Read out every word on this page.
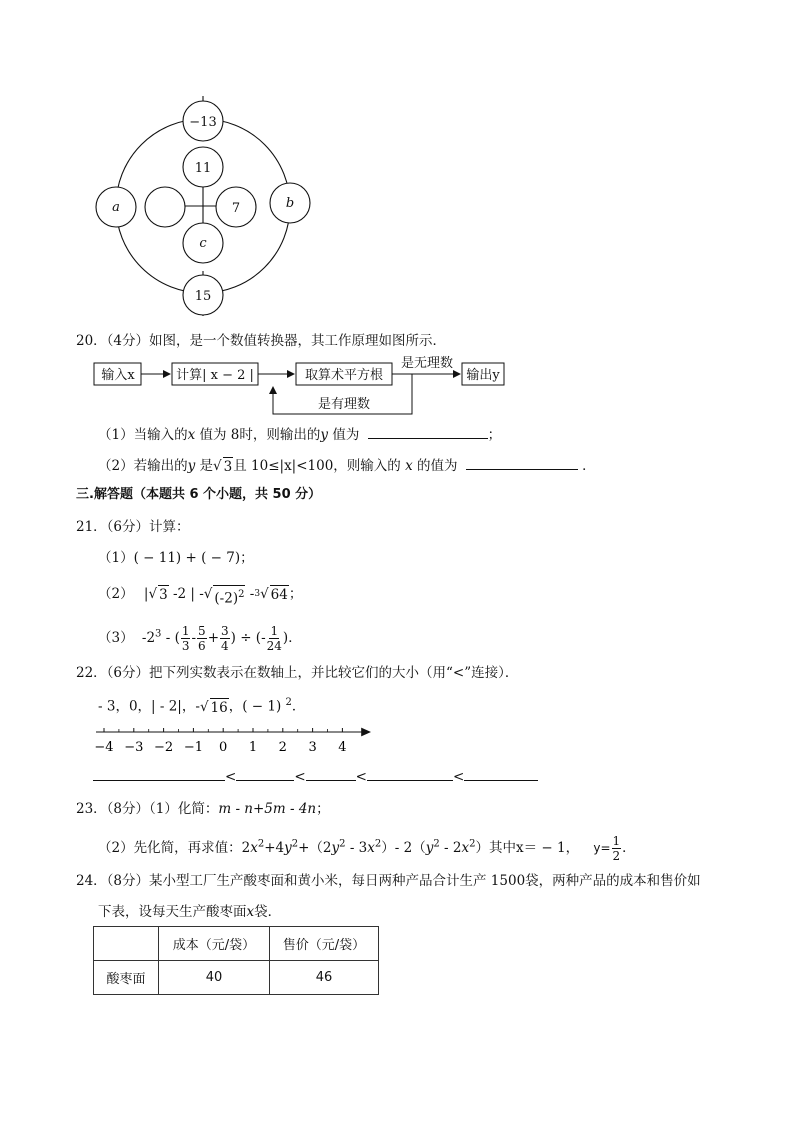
−13
11
a	7	b
c
15
20．（4分）如图，是一个数值转换器，其工作原理如图所示．
输入x	计算| x − 2 |	取算术平方根	输出y
是无理数
是有理数
（1）当输入的x 值为 8时，则输出的y 值为	；
（2）若输出的y 是 √ 3 且 10≤|x|<100，则输入的 x 的值为	．
三.解答题（本题共 6 个小题，共 50 分）
21．（6分）计算：
（1）( − 11) + ( − 7)；
（2） | √ 3 -2 | - √ $(-2)^2$ -$^3$ √ 64 ；
（3） $-2^3$ - ( $\frac{1}{3} - \frac{5}{6} + \frac{3}{4}$ ) ÷ (- $\frac{1}{24}$ )．
22．（6分）把下列实数表示在数轴上，并比较它们的大小（用“<”连接）．
- 3，0，| - 2|，- √ 16 ，( − 1) $^2$．
−4 −3 −2 −1 0 1 2 3 4
<	<	<	<
23．（8分）（1）化简：m - n+5m - 4n；
（2）先化简，再求值：$2x^2+4y^2+(2y^2 - 3x^2)-$ $2(y^2 - 2x^2)$其中x＝ − 1， $y= \frac{1}{2}$ ．
24．（8分）某小型工厂生产酸枣面和黄小米，每日两种产品合计生产 1500袋，两种产品的成本和售价如
下表，设每天生产酸枣面x袋．
	成本（元/袋）	售价（元/袋）
酸枣面	40	46
